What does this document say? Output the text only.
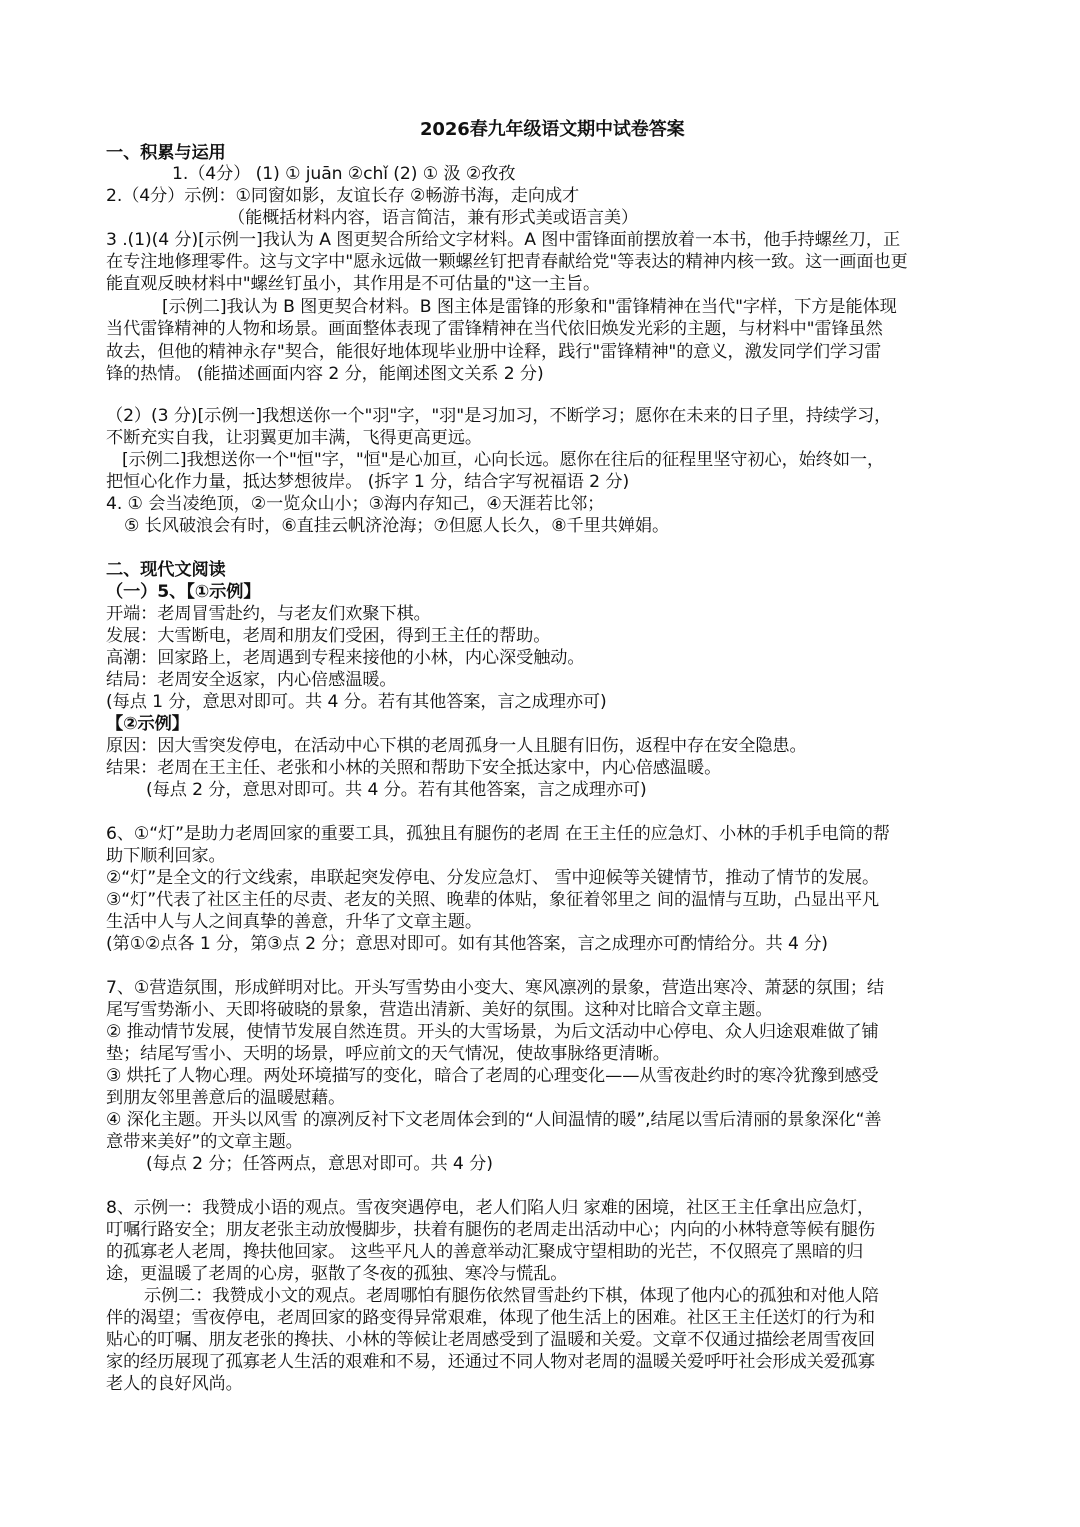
2026春九年级语文期中试卷答案
一、积累与运用
1.（4分） (1) ① juān ②chǐ (2) ① 汲 ②孜孜
2.（4分）示例：①同窗如影，友谊长存 ②畅游书海，走向成才
（能概括材料内容，语言简洁，兼有形式美或语言美）
3 .(1)(4 分)[示例一]我认为 A 图更契合所给文字材料。A 图中雷锋面前摆放着一本书，他手持螺丝刀，正
在专注地修理零件。这与文字中"愿永远做一颗螺丝钉把青春献给党"等表达的精神内核一致。这一画面也更
能直观反映材料中"螺丝钉虽小，其作用是不可估量的"这一主旨。
[示例二]我认为 B 图更契合材料。B 图主体是雷锋的形象和"雷锋精神在当代"字样，下方是能体现
当代雷锋精神的人物和场景。画面整体表现了雷锋精神在当代依旧焕发光彩的主题，与材料中"雷锋虽然
故去，但他的精神永存"契合，能很好地体现毕业册中诠释，践行"雷锋精神"的意义，激发同学们学习雷
锋的热情。 (能描述画面内容 2 分，能阐述图文关系 2 分)
（2）(3 分)[示例一]我想送你一个"羽"字，"羽"是习加习，不断学习；愿你在未来的日子里，持续学习，
不断充实自我，让羽翼更加丰满，飞得更高更远。
[示例二]我想送你一个"恒"字，"恒"是心加亘，心向长远。愿你在往后的征程里坚守初心，始终如一，
把恒心化作力量，抵达梦想彼岸。 (拆字 1 分，结合字写祝福语 2 分)
4. ① 会当凌绝顶，②一览众山小；③海内存知己，④天涯若比邻；
⑤ 长风破浪会有时，⑥直挂云帆济沧海；⑦但愿人长久，⑧千里共婵娟。
二、现代文阅读
（一）5、【①示例】
开端：老周冒雪赴约，与老友们欢聚下棋。
发展：大雪断电，老周和朋友们受困，得到王主任的帮助。
高潮：回家路上，老周遇到专程来接他的小林，内心深受触动。
结局：老周安全返家，内心倍感温暖。
(每点 1 分，意思对即可。共 4 分。若有其他答案，言之成理亦可)
【②示例】
原因：因大雪突发停电，在活动中心下棋的老周孤身一人且腿有旧伤，返程中存在安全隐患。
结果：老周在王主任、老张和小林的关照和帮助下安全抵达家中，内心倍感温暖。
(每点 2 分，意思对即可。共 4 分。若有其他答案，言之成理亦可)
6、①“灯”是助力老周回家的重要工具，孤独且有腿伤的老周 在王主任的应急灯、小林的手机手电筒的帮
助下顺利回家。
②“灯”是全文的行文线索，串联起突发停电、分发应急灯、 雪中迎候等关键情节，推动了情节的发展。
③“灯”代表了社区主任的尽责、老友的关照、晚辈的体贴，象征着邻里之 间的温情与互助，凸显出平凡
生活中人与人之间真挚的善意，升华了文章主题。
(第①②点各 1 分，第③点 2 分；意思对即可。如有其他答案，言之成理亦可酌情给分。共 4 分)
7、①营造氛围，形成鲜明对比。开头写雪势由小变大、寒风凛冽的景象，营造出寒冷、萧瑟的氛围；结
尾写雪势渐小、天即将破晓的景象，营造出清新、美好的氛围。这种对比暗合文章主题。
② 推动情节发展，使情节发展自然连贯。开头的大雪场景，为后文活动中心停电、众人归途艰难做了铺
垫；结尾写雪小、天明的场景，呼应前文的天气情况，使故事脉络更清晰。
③ 烘托了人物心理。两处环境描写的变化，暗合了老周的心理变化——从雪夜赴约时的寒冷犹豫到感受
到朋友邻里善意后的温暖慰藉。
④ 深化主题。开头以风雪 的凛冽反衬下文老周体会到的“人间温情的暖”,结尾以雪后清丽的景象深化“善
意带来美好”的文章主题。
(每点 2 分；任答两点，意思对即可。共 4 分)
8、示例一：我赞成小语的观点。雪夜突遇停电，老人们陷人归 家难的困境，社区王主任拿出应急灯，
叮嘱行路安全；朋友老张主动放慢脚步，扶着有腿伤的老周走出活动中心；内向的小林特意等候有腿伤
的孤寡老人老周，搀扶他回家。 这些平凡人的善意举动汇聚成守望相助的光芒，不仅照亮了黑暗的归
途，更温暖了老周的心房，驱散了冬夜的孤独、寒冷与慌乱。
示例二：我赞成小文的观点。老周哪怕有腿伤依然冒雪赴约下棋，体现了他内心的孤独和对他人陪
伴的渴望；雪夜停电，老周回家的路变得异常艰难，体现了他生活上的困难。社区王主任送灯的行为和
贴心的叮嘱、朋友老张的搀扶、小林的等候让老周感受到了温暖和关爱。文章不仅通过描绘老周雪夜回
家的经历展现了孤寡老人生活的艰难和不易，还通过不同人物对老周的温暖关爱呼吁社会形成关爱孤寡
老人的良好风尚。
